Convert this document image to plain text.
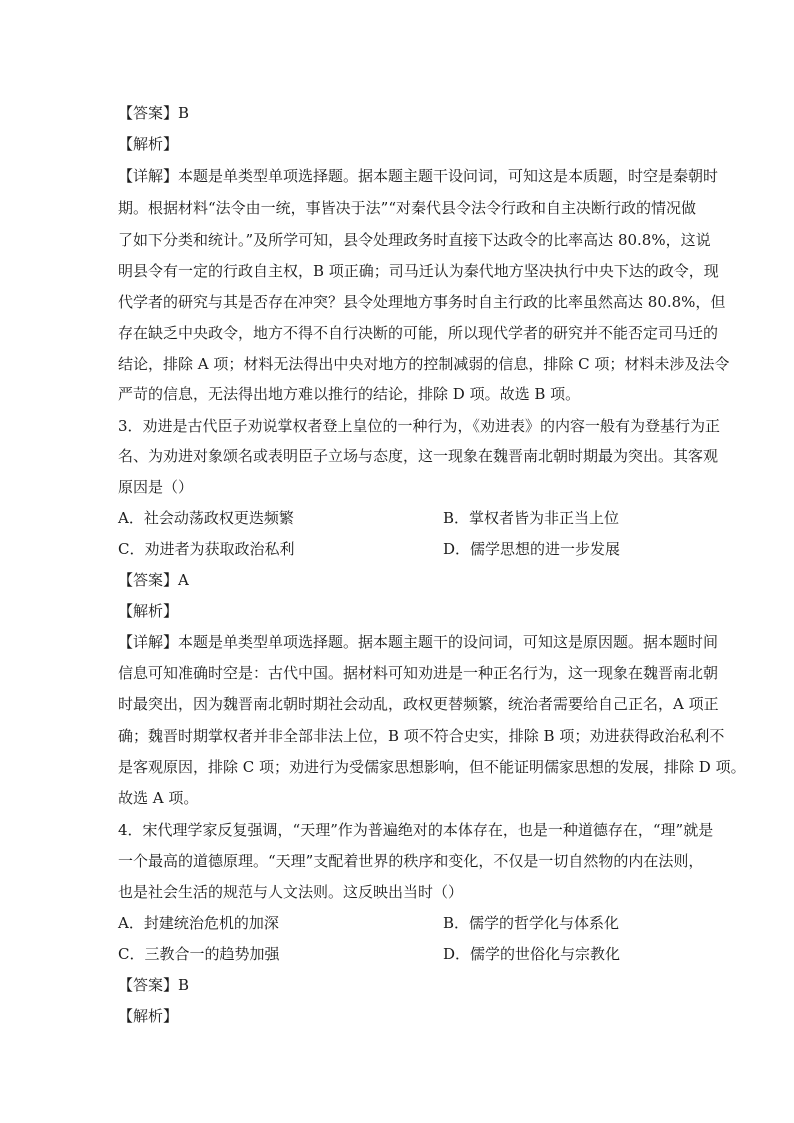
【答案】B
【解析】
【详解】本题是单类型单项选择题。据本题主题干设问词，可知这是本质题，时空是秦朝时
期。根据材料“法令由一统，事皆决于法”“对秦代县令法令行政和自主决断行政的情况做
了如下分类和统计。”及所学可知，县令处理政务时直接下达政令的比率高达 80.8%，这说
明县令有一定的行政自主权，B 项正确；司马迁认为秦代地方坚决执行中央下达的政令，现
代学者的研究与其是否存在冲突？县令处理地方事务时自主行政的比率虽然高达 80.8%，但
存在缺乏中央政令，地方不得不自行决断的可能，所以现代学者的研究并不能否定司马迁的
结论，排除 A 项；材料无法得出中央对地方的控制减弱的信息，排除 C 项；材料未涉及法令
严苛的信息，无法得出地方难以推行的结论，排除 D 项。故选 B 项。
3．劝进是古代臣子劝说掌权者登上皇位的一种行为，《劝进表》的内容一般有为登基行为正
名、为劝进对象颂名或表明臣子立场与态度，这一现象在魏晋南北朝时期最为突出。其客观
原因是（）
A．社会动荡政权更迭频繁	B．掌权者皆为非正当上位
C．劝进者为获取政治私利	D．儒学思想的进一步发展
【答案】A
【解析】
【详解】本题是单类型单项选择题。据本题主题干的设问词，可知这是原因题。据本题时间
信息可知准确时空是：古代中国。据材料可知劝进是一种正名行为，这一现象在魏晋南北朝
时最突出，因为魏晋南北朝时期社会动乱，政权更替频繁，统治者需要给自己正名，A 项正
确；魏晋时期掌权者并非全部非法上位，B 项不符合史实，排除 B 项；劝进获得政治私利不
是客观原因，排除 C 项；劝进行为受儒家思想影响，但不能证明儒家思想的发展，排除 D 项。
故选 A 项。
4．宋代理学家反复强调，“天理”作为普遍绝对的本体存在，也是一种道德存在，“理”就是
一个最高的道德原理。“天理”支配着世界的秩序和变化，不仅是一切自然物的内在法则，
也是社会生活的规范与人文法则。这反映出当时（）
A．封建统治危机的加深	B．儒学的哲学化与体系化
C．三教合一的趋势加强	D．儒学的世俗化与宗教化
【答案】B
【解析】
